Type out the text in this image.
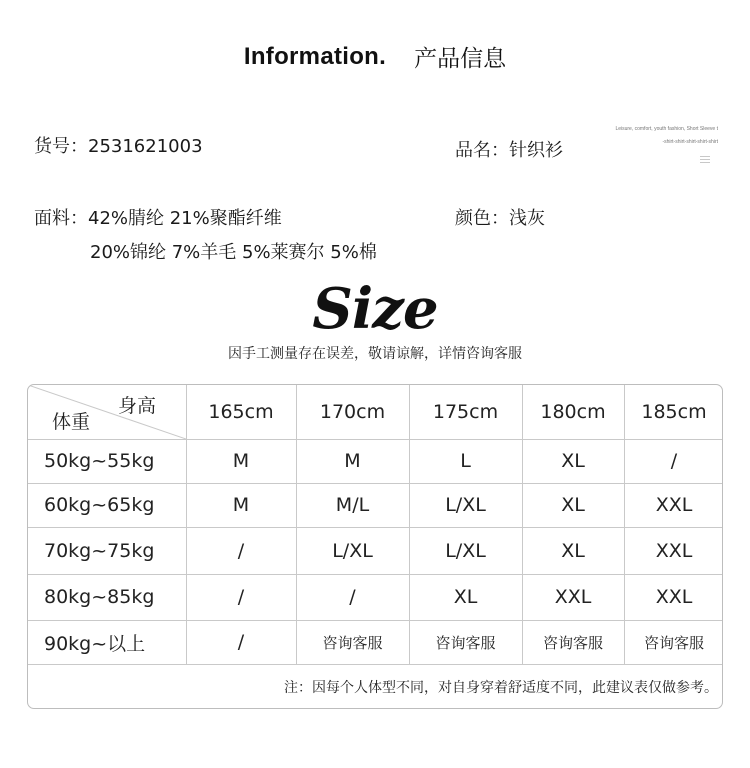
Information. 产品信息
货号：2531621003	品名：针织衫
Leisure, comfort, youth fashion, Short Sleeve t
-shirt-shirt-shirt-shirt-shirt
面料：42%腈纶 21%聚酯纤维
20%锦纶 7%羊毛 5%莱赛尔 5%棉
颜色：浅灰
Size
因手工测量存在误差，敬请谅解，详情咨询客服
身高
体重	165cm	170cm	175cm	180cm	185cm
50kg~55kg	M	M	L	XL	/
60kg~65kg	M	M/L	L/XL	XL	XXL
70kg~75kg	/	L/XL	L/XL	XL	XXL
80kg~85kg	/	/	XL	XXL	XXL
90kg~以上	/	咨询客服	咨询客服	咨询客服	咨询客服
注：因每个人体型不同，对自身穿着舒适度不同，此建议表仅做参考。
